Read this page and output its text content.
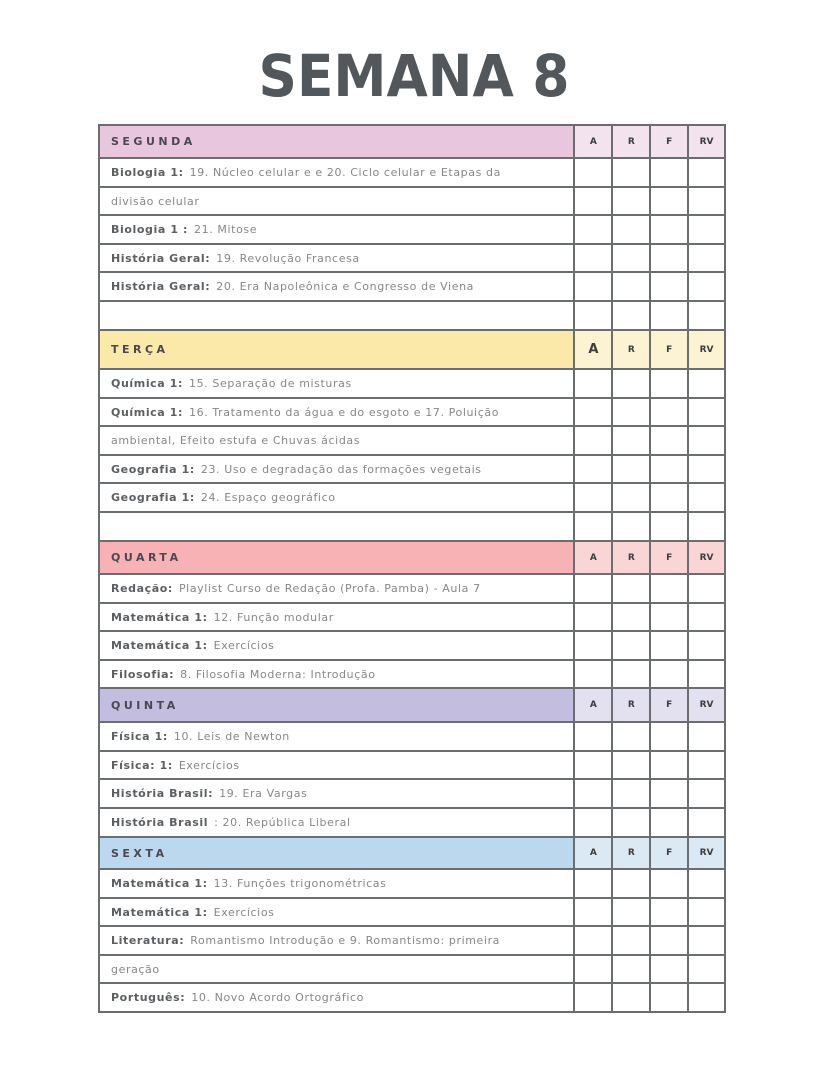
SEMANA 8
SEGUNDA	A	R	F	RV
Biologia 1: 19. Núcleo celular e e 20. Ciclo celular e Etapas da
divisão celular
Biologia 1 : 21. Mitose
História Geral: 19. Revolução Francesa
História Geral: 20. Era Napoleônica e Congresso de Viena
TERÇA	A	R	F	RV
Química 1: 15. Separação de misturas
Química 1: 16. Tratamento da água e do esgoto e 17. Poluição
ambiental, Efeito estufa e Chuvas ácidas
Geografia 1: 23. Uso e degradação das formações vegetais
Geografia 1: 24. Espaço geográfico
QUARTA	A	R	F	RV
Redação: Playlist Curso de Redação (Profa. Pamba) - Aula 7
Matemática 1: 12. Função modular
Matemática 1: Exercícios
Filosofia: 8. Filosofia Moderna: Introdução
QUINTA	A	R	F	RV
Física 1: 10. Leis de Newton
Física: 1: Exercícios
História Brasil: 19. Era Vargas
História Brasil : 20. República Liberal
SEXTA	A	R	F	RV
Matemática 1: 13. Funções trigonométricas
Matemática 1: Exercícios
Literatura: Romantismo Introdução e 9. Romantismo: primeira
geração
Português: 10. Novo Acordo Ortográfico
